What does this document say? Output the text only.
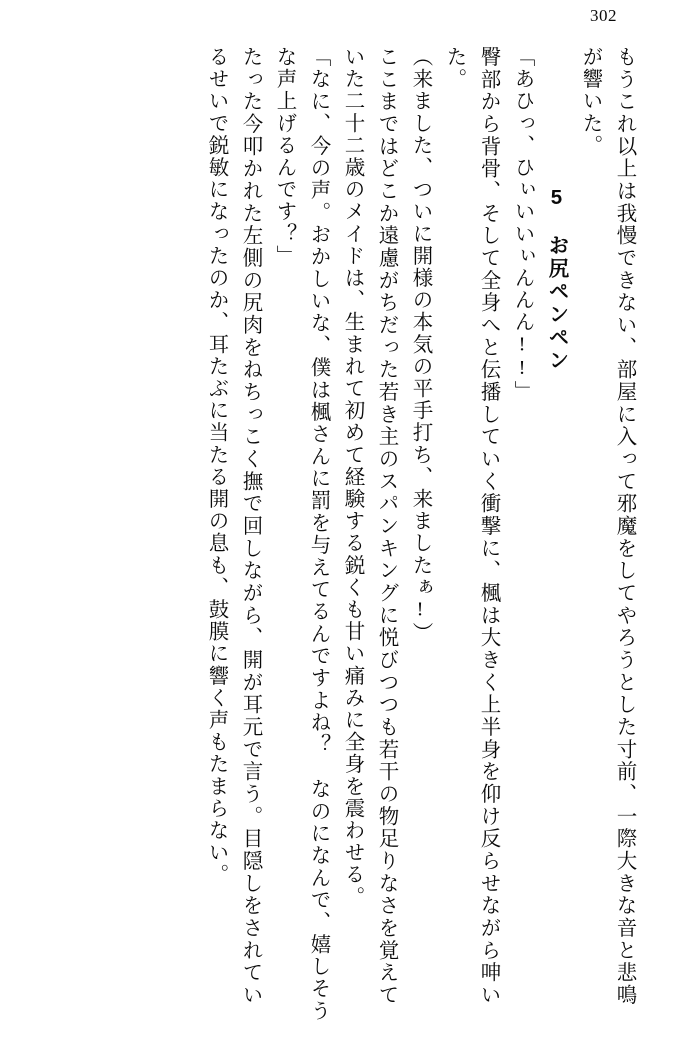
302
もうこれ以上は我慢できない、部屋に入って邪魔をしてやろうとした寸前、一際大きな音と悲鳴が響いた。
5　お尻ペンペン
「あひっ、ひぃいいぃんんん!!」
臀部から背骨、そして全身へと伝播していく衝撃に、楓は大きく上半身を仰け反らせながら呻いた。
（来ました、ついに開様の本気の平手打ち、来ましたぁ!）
ここまではどこか遠慮がちだった若き主のスパンキングに悦びつつも若干の物足りなさを覚えていた二十二歳のメイドは、生まれて初めて経験する鋭くも甘い痛みに全身を震わせる。
「なに、今の声。おかしいな、僕は楓さんに罰を与えてるんですよね？　なのになんで、嬉しそうな声上げるんです？」
たった今叩かれた左側の尻肉をねちっこく撫で回しながら、開が耳元で言う。目隠しをされているせいで鋭敏になったのか、耳たぶに当たる開の息も、鼓膜に響く声もたまらない。
